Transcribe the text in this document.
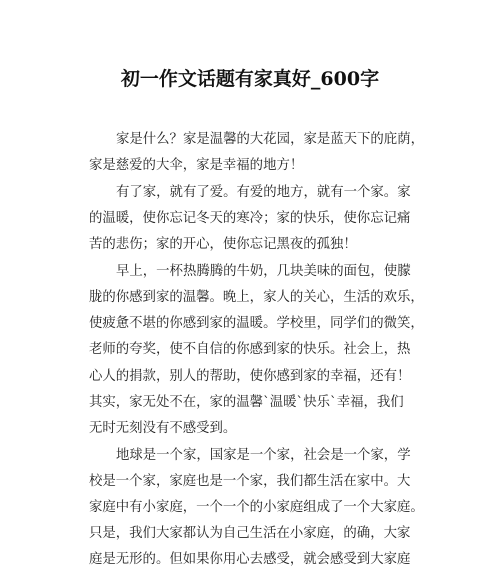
初一作文话题有家真好_600字
家是什么？家是温馨的大花园，家是蓝天下的庇荫，
家是慈爱的大伞，家是幸福的地方！
有了家，就有了爱。有爱的地方，就有一个家。家
的温暖，使你忘记冬天的寒冷；家的快乐，使你忘记痛
苦的悲伤；家的开心，使你忘记黑夜的孤独！
早上，一杯热腾腾的牛奶，几块美味的面包，使朦
胧的你感到家的温馨。晚上，家人的关心，生活的欢乐，
使疲惫不堪的你感到家的温暖。学校里，同学们的微笑，
老师的夸奖，使不自信的你感到家的快乐。社会上，热
心人的捐款，别人的帮助，使你感到家的幸福，还有！
其实，家无处不在，家的温馨`温暖`快乐`幸福，我们
无时无刻没有不感受到。
地球是一个家，国家是一个家，社会是一个家，学
校是一个家，家庭也是一个家，我们都生活在家中。大
家庭中有小家庭，一个一个的小家庭组成了一个大家庭。
只是，我们大家都认为自己生活在小家庭，的确，大家
庭是无形的。但如果你用心去感受，就会感受到大家庭
